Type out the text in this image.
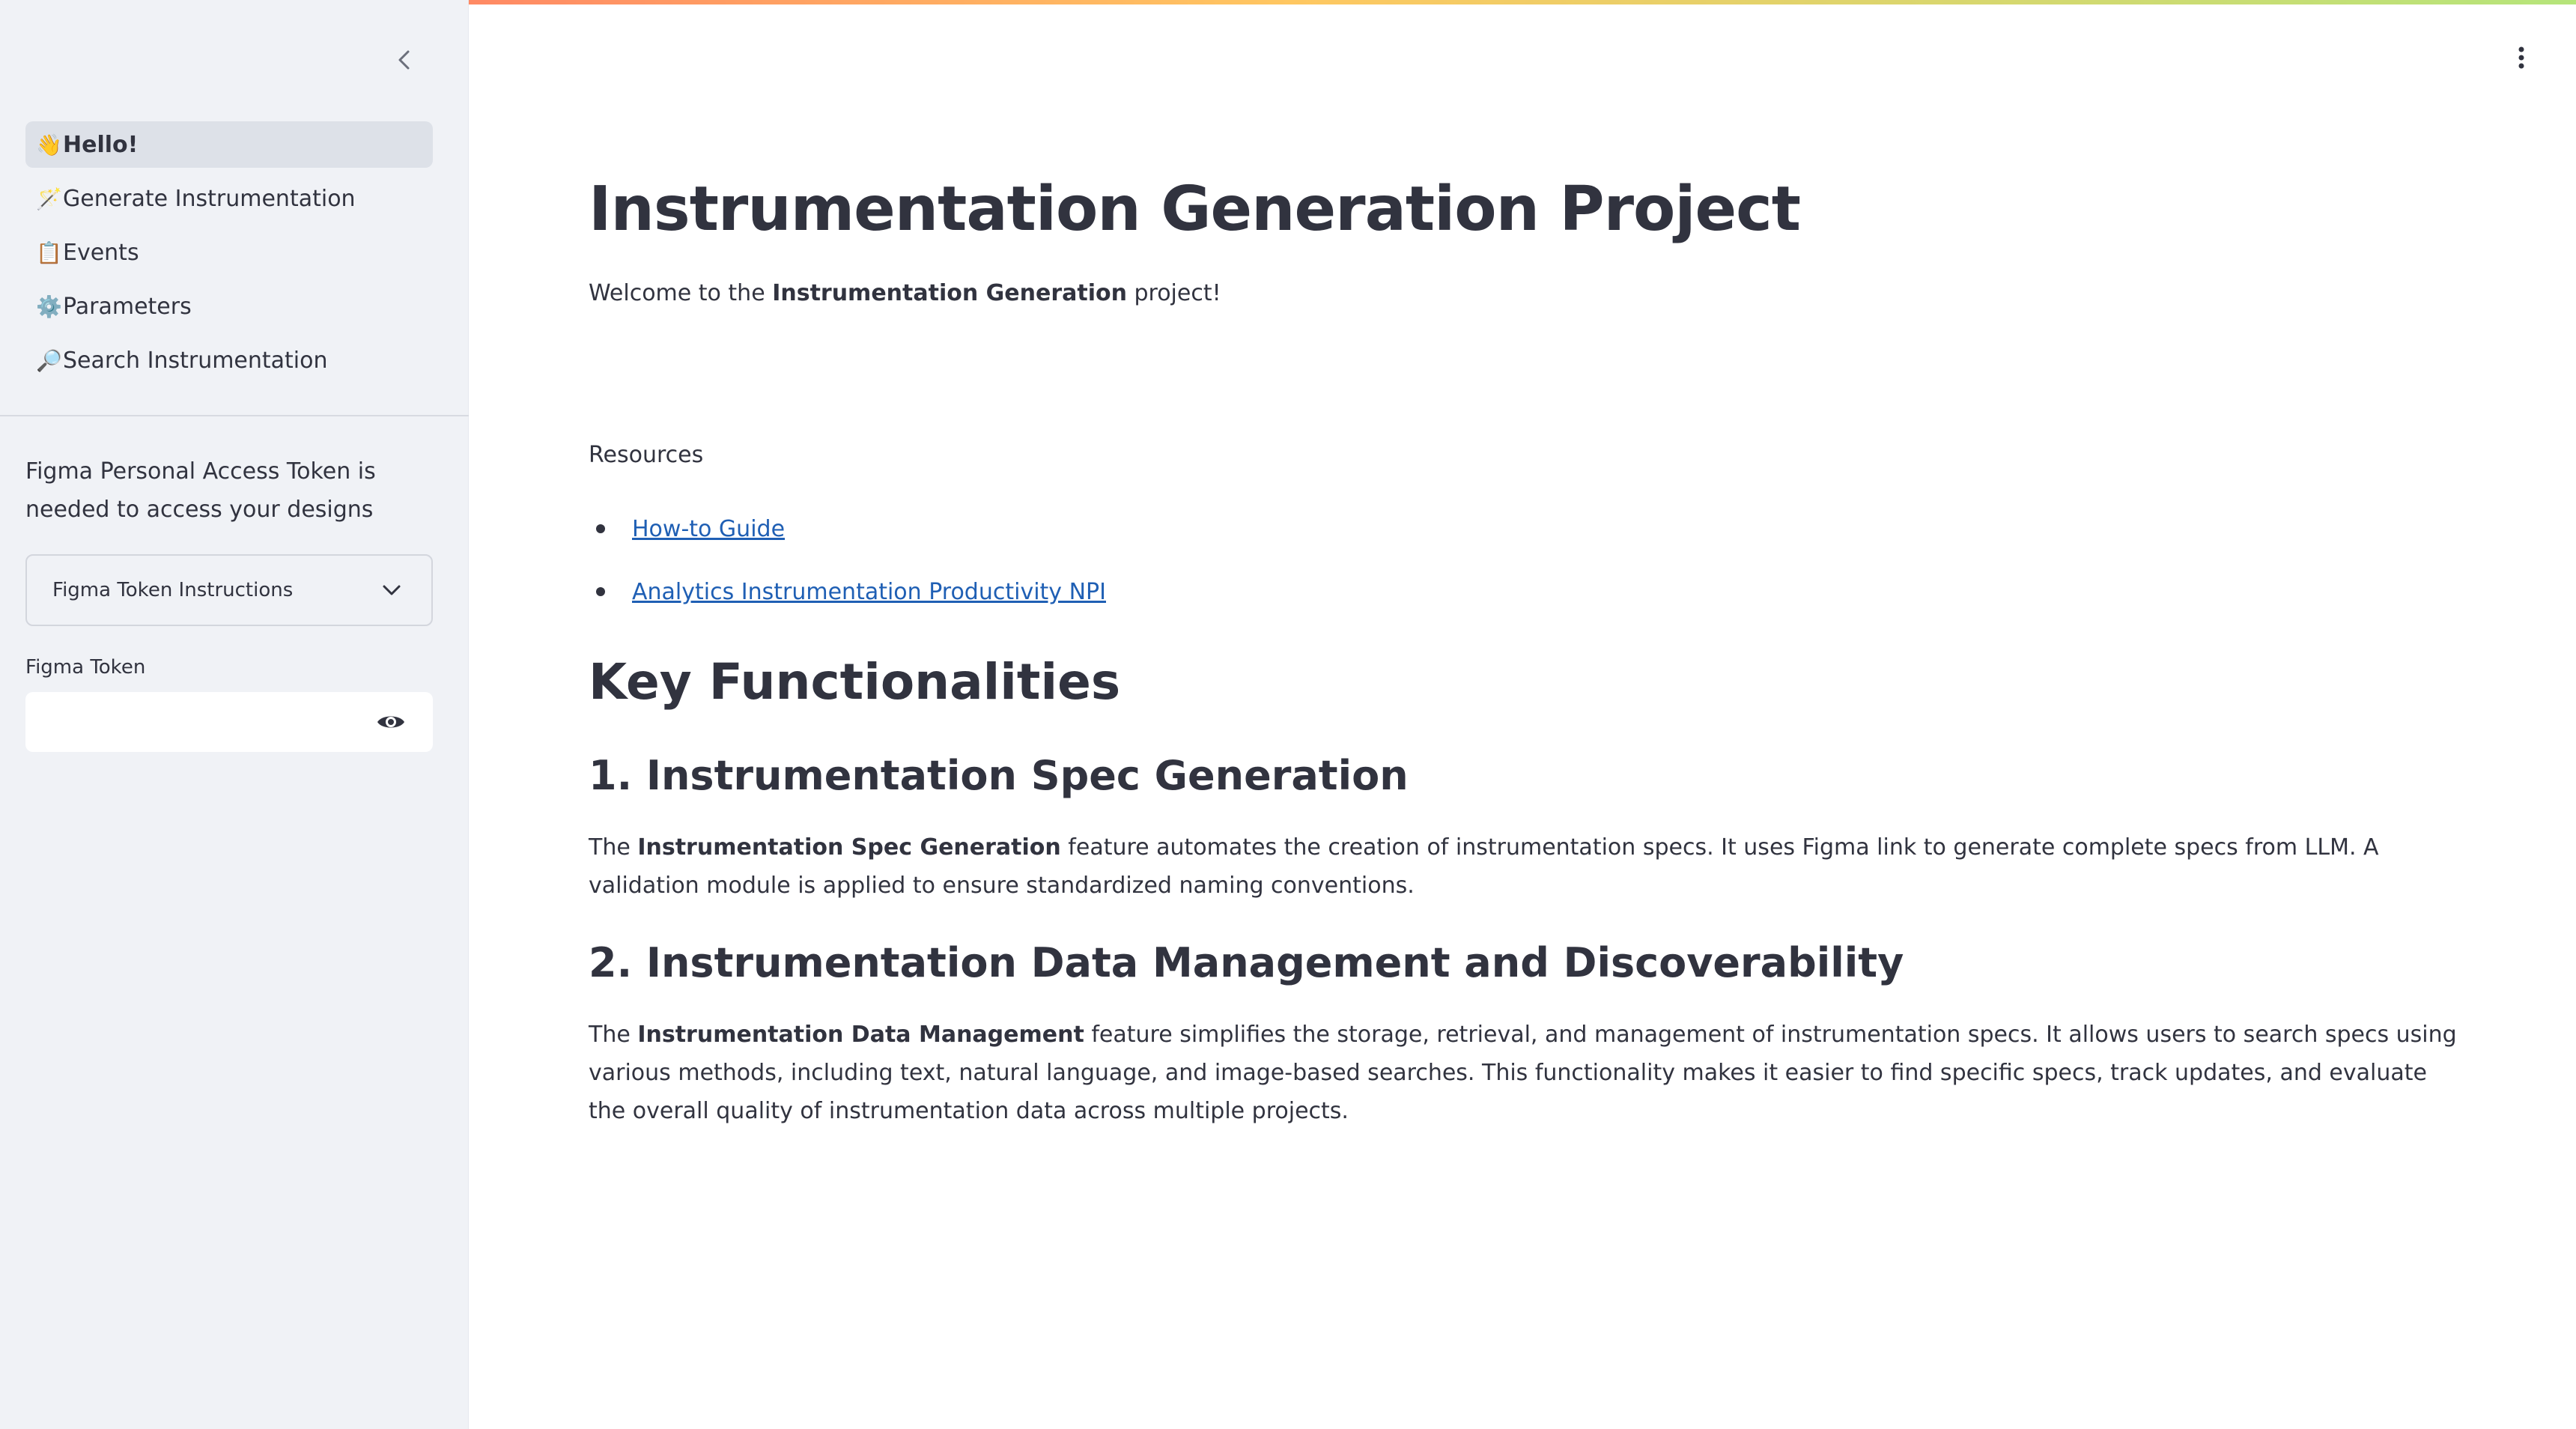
👋 Hello!
🪄 Generate Instrumentation
📋 Events
⚙️ Parameters
🔎 Search Instrumentation
Figma Personal Access Token is needed to access your designs
Figma Token Instructions
Figma Token
Instrumentation Generation Project
Welcome to the Instrumentation Generation project!
Resources
How-to Guide
Analytics Instrumentation Productivity NPI
Key Functionalities
1. Instrumentation Spec Generation

The Instrumentation Spec Generation feature automates the creation of instrumentation specs. It uses Figma link to generate complete specs from LLM. A validation module is applied to ensure standardized naming conventions.

2. Instrumentation Data Management and Discoverability

The Instrumentation Data Management feature simplifies the storage, retrieval, and management of instrumentation specs. It allows users to search specs using various methods, including text, natural language, and image-based searches. This functionality makes it easier to find specific specs, track updates, and evaluate the overall quality of instrumentation data across multiple projects.
